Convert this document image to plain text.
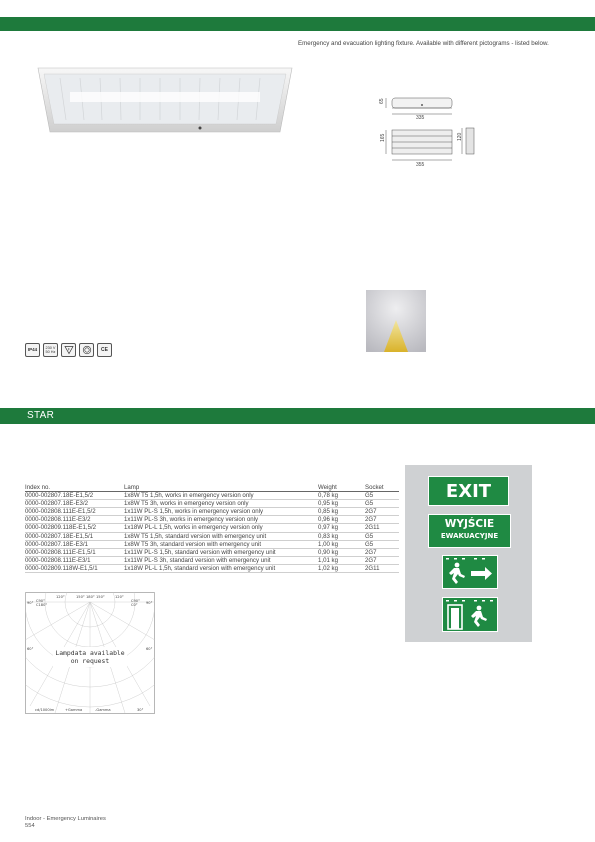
Emergency and evacuation lighting fixture. Available with different pictograms - listed below.

65
335
165
355
120
IP44	230 V
50 Hz
F	CE
STAR
Index no.	Lamp	Weight	Socket
0000-002807.18E-E1,5/2	1x8W T5 1,5h, works in emergency version only	0,78 kg	G5
0000-002807.18E-E3/2	1x8W T5 3h, works in emergency version only	0,95 kg	G5
0000-002808.111E-E1,5/2	1x11W PL-S 1,5h, works in emergency version only	0,85 kg	2G7
0000-002808.111E-E3/2	1x11W PL-S 3h, works in emergency version only	0,96 kg	2G7
0000-002809.118E-E1,5/2	1x18W PL-L 1,5h, works in emergency version only	0,97 kg	2G11
0000-002807.18E-E1,5/1	1x8W T5 1,5h, standard version with emergency unit	0,83 kg	G5
0000-002807.18E-E3/1	1x8W T5 3h, standard version with emergency unit	1,00 kg	G5
0000-002808.111E-E1,5/1	1x11W PL-S 1,5h, standard version with emergency unit	0,90 kg	2G7
0000-002808.111E-E3/1	1x11W PL-S 3h, standard version with emergency unit	1,01 kg	2G7
0000-002809.118W-E1,5/1	1x18W PL-L 1,5h, standard version with emergency unit	1,02 kg	2G11
120°	150° 180° 150°	120°
C90°
C180°
C90°
C0°
90°	90°
60°	60°
cd/1000lm	+Gamma	-Gamma	30°
Lampdata available
on request
EXIT
WYJŚCIE
EWAKUACYJNE
Indoor - Emergency Luminaires
554
